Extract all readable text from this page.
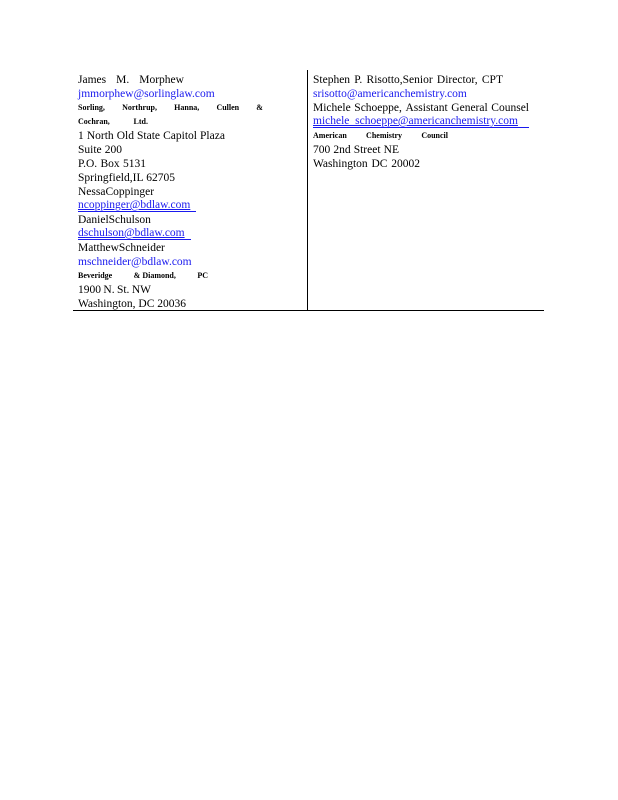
James M. Morphew
jmmorphew@sorlinglaw.com
Sorling, Northrup, Hanna, Cullen &
Cochran,	Ltd.
1 North Old State Capitol Plaza
Suite 200
P.O. Box 5131
Springfield,IL 62705
Nessa Coppinger
ncoppinger@bdlaw.com
Daniel Schulson
dschulson@bdlaw.com
Matthew Schneider
mschneider@bdlaw.com
Beveridge	& Diamond,	PC
1900 N. St. NW
Washington, DC 20036
Stephen P. Risotto,Senior Director, CPT
srisotto@americanchemistry.com
Michele Schoeppe, Assistant General Counsel
michele_schoeppe@americanchemistry.com
American Chemistry Council
700 2nd Street NE
Washington DC 20002
